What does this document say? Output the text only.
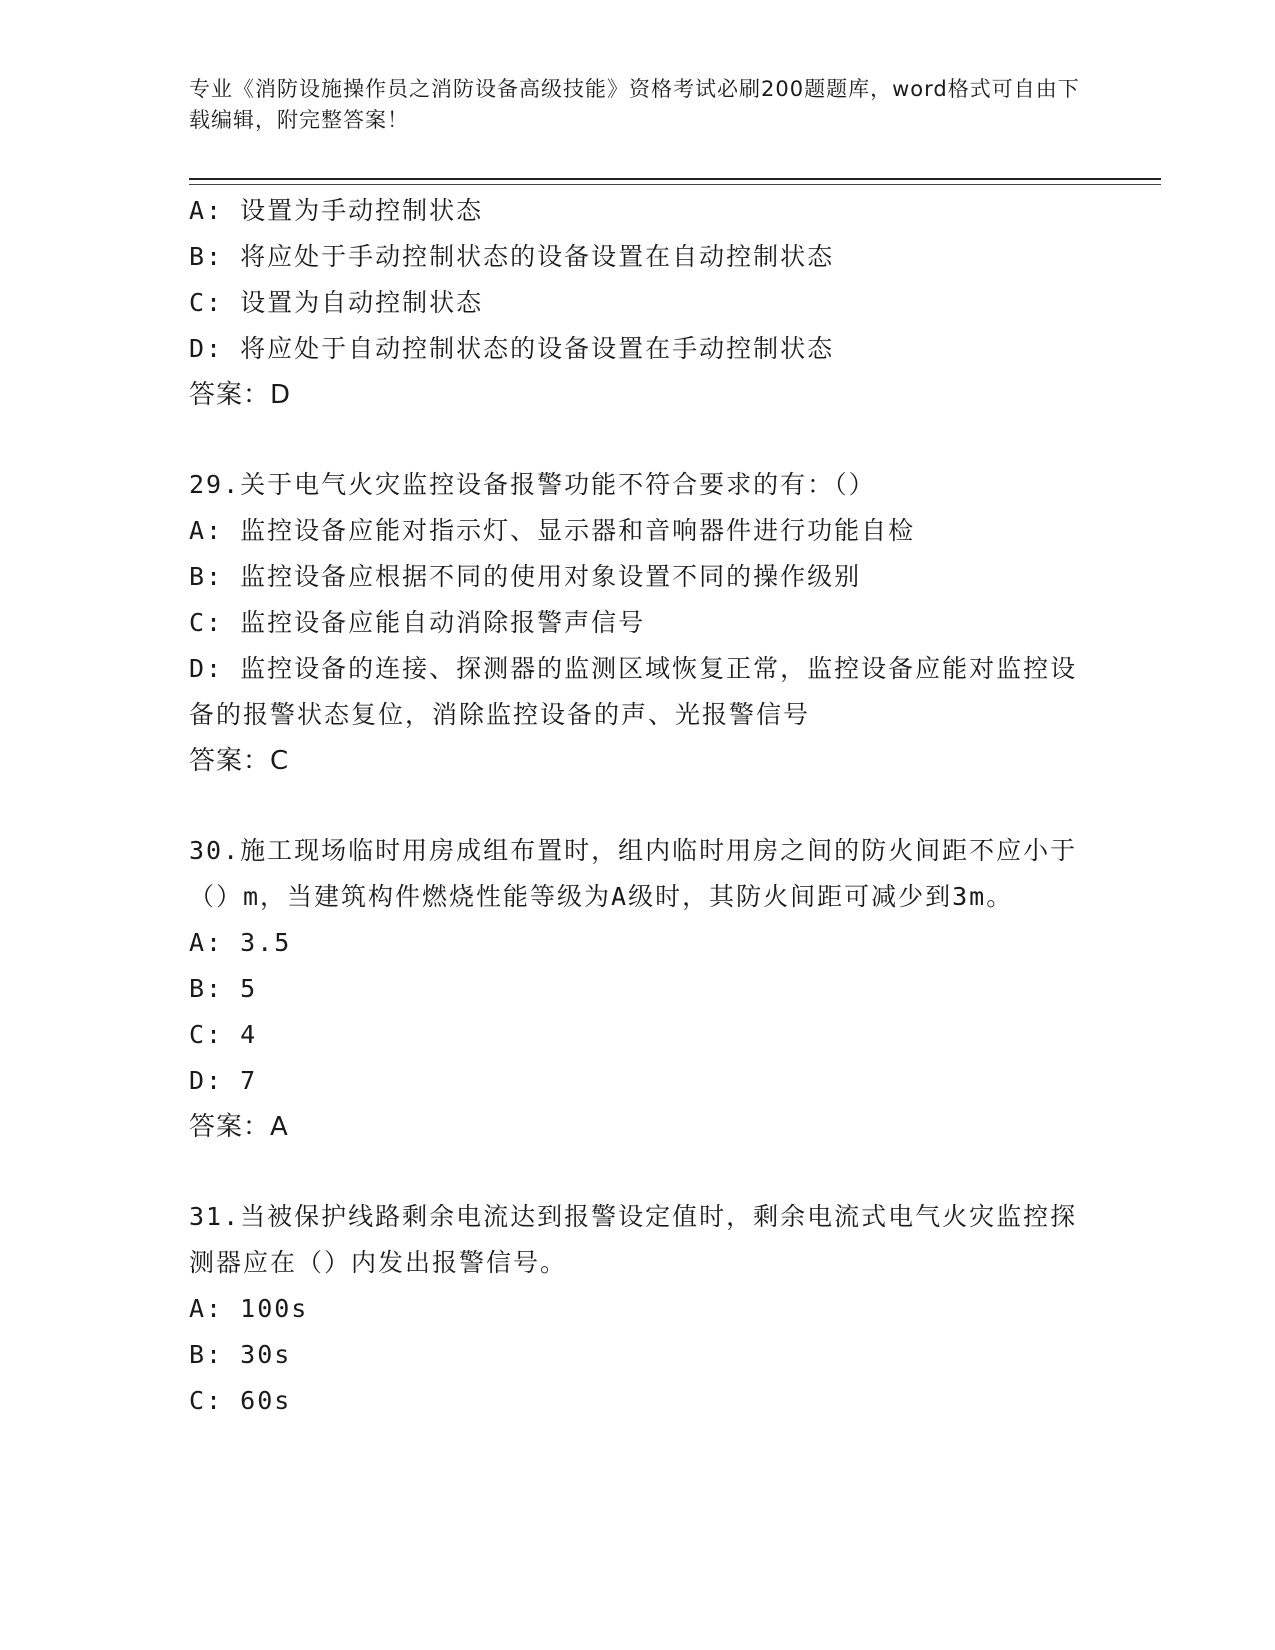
专业《消防设施操作员之消防设备高级技能》资格考试必刷200题题库，word格式可自由下载编辑，附完整答案！

A: 设置为手动控制状态

B: 将应处于手动控制状态的设备设置在自动控制状态

C: 设置为自动控制状态

D: 将应处于自动控制状态的设备设置在手动控制状态

答案：D

29.关于电气火灾监控设备报警功能不符合要求的有：（）

A: 监控设备应能对指示灯、显示器和音响器件进行功能自检

B: 监控设备应根据不同的使用对象设置不同的操作级别

C: 监控设备应能自动消除报警声信号

D: 监控设备的连接、探测器的监测区域恢复正常，监控设备应能对监控设备的报警状态复位，消除监控设备的声、光报警信号

答案：C

30.施工现场临时用房成组布置时，组内临时用房之间的防火间距不应小于（）m，当建筑构件燃烧性能等级为A级时，其防火间距可减少到3m。

A: 3.5

B: 5

C: 4

D: 7

答案：A

31.当被保护线路剩余电流达到报警设定值时，剩余电流式电气火灾监控探测器应在（）内发出报警信号。

A: 100s

B: 30s

C: 60s
